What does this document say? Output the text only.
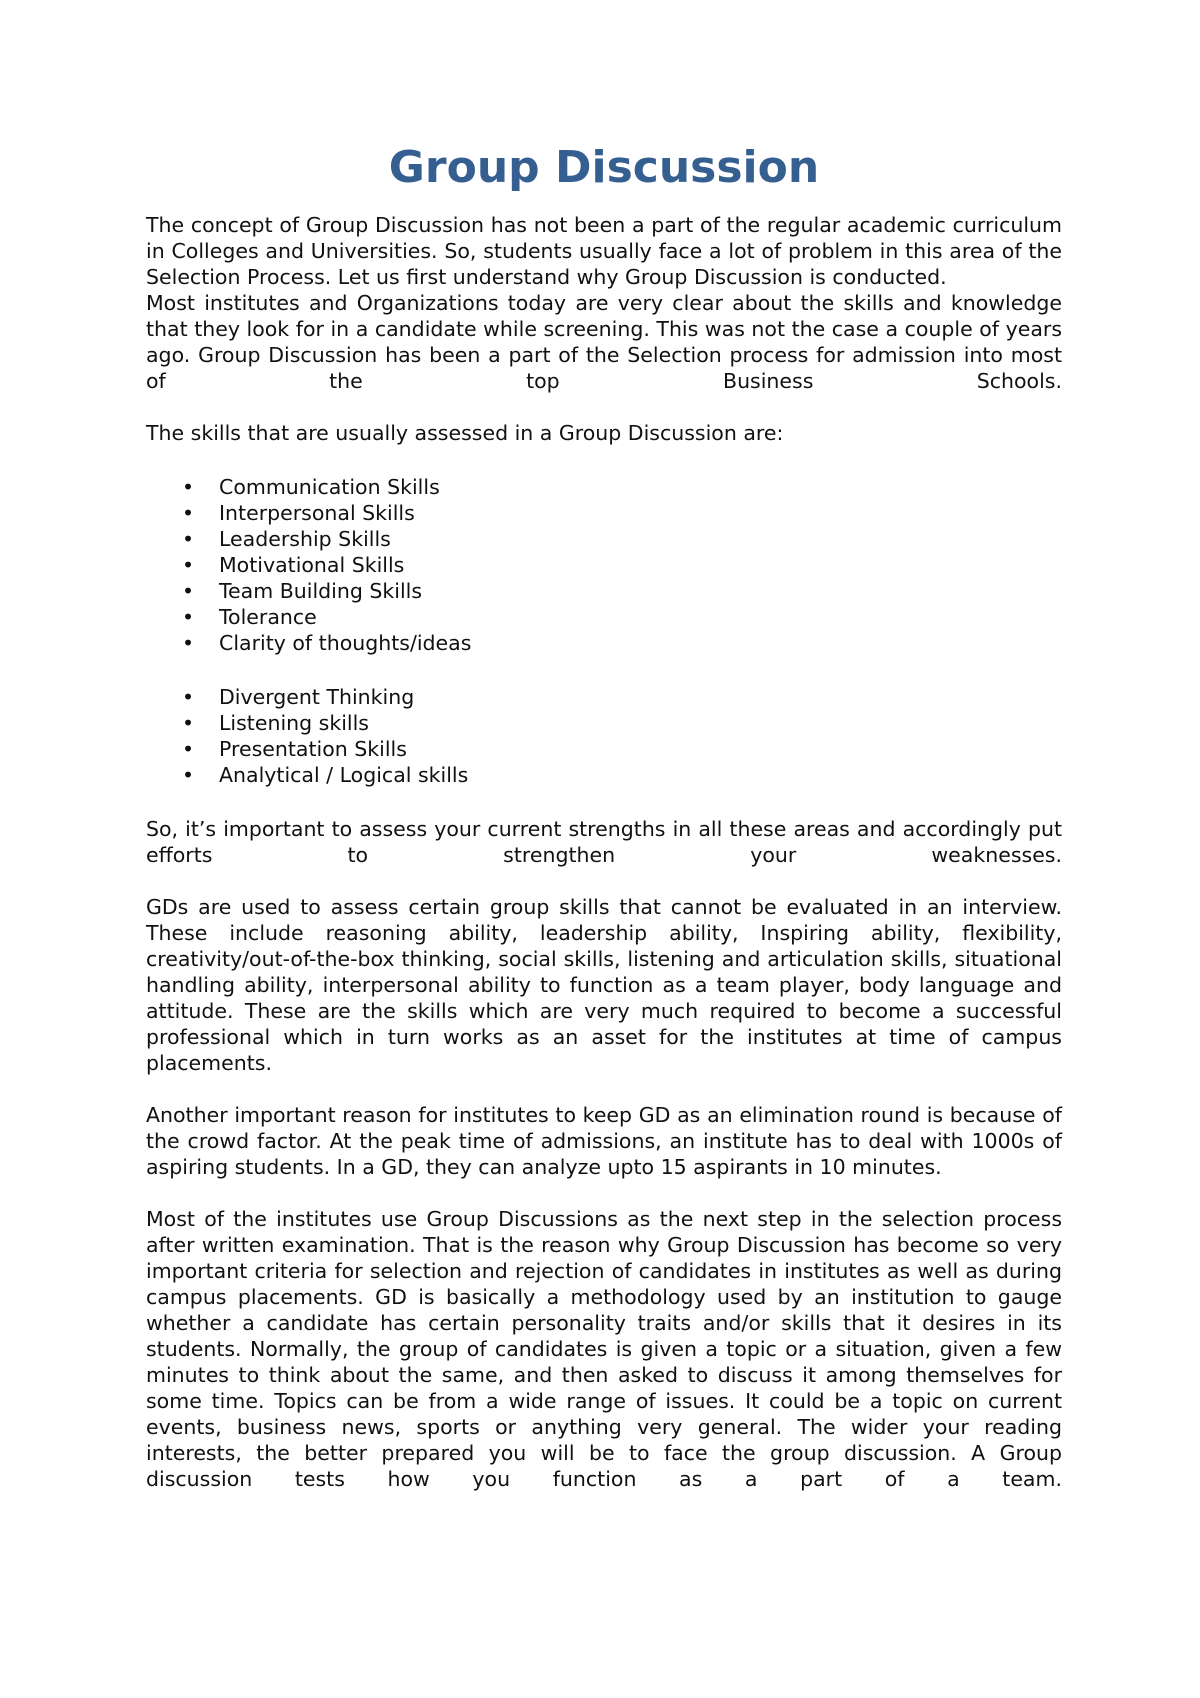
Group Discussion

The concept of Group Discussion has not been a part of the regular academic curriculum in Colleges and Universities. So, students usually face a lot of problem in this area of the Selection Process. Let us first understand why Group Discussion is conducted.

Most institutes and Organizations today are very clear about the skills and knowledge that they look for in a candidate while screening. This was not the case a couple of years ago. Group Discussion has been a part of the Selection process for admission into most of the top Business Schools.

The skills that are usually assessed in a Group Discussion are:

• Communication Skills
• Interpersonal Skills
• Leadership Skills
• Motivational Skills
• Team Building Skills
• Tolerance
• Clarity of thoughts/ideas
• Divergent Thinking
• Listening skills
• Presentation Skills
• Analytical / Logical skills

So, it’s important to assess your current strengths in all these areas and accordingly put efforts to strengthen your weaknesses.

GDs are used to assess certain group skills that cannot be evaluated in an interview. These include reasoning ability, leadership ability, Inspiring ability, flexibility, creativity/out-of-the-box thinking, social skills, listening and articulation skills, situational handling ability, interpersonal ability to function as a team player, body language and attitude. These are the skills which are very much required to become a successful professional which in turn works as an asset for the institutes at time of campus placements.

Another important reason for institutes to keep GD as an elimination round is because of the crowd factor. At the peak time of admissions, an institute has to deal with 1000s of aspiring students. In a GD, they can analyze upto 15 aspirants in 10 minutes.

Most of the institutes use Group Discussions as the next step in the selection process after written examination. That is the reason why Group Discussion has become so very important criteria for selection and rejection of candidates in institutes as well as during campus placements. GD is basically a methodology used by an institution to gauge whether a candidate has certain personality traits and/or skills that it desires in its students. Normally, the group of candidates is given a topic or a situation, given a few minutes to think about the same, and then asked to discuss it among themselves for some time. Topics can be from a wide range of issues. It could be a topic on current events, business news, sports or anything very general. The wider your reading interests, the better prepared you will be to face the group discussion. A Group discussion tests how you function as a part of a team.
